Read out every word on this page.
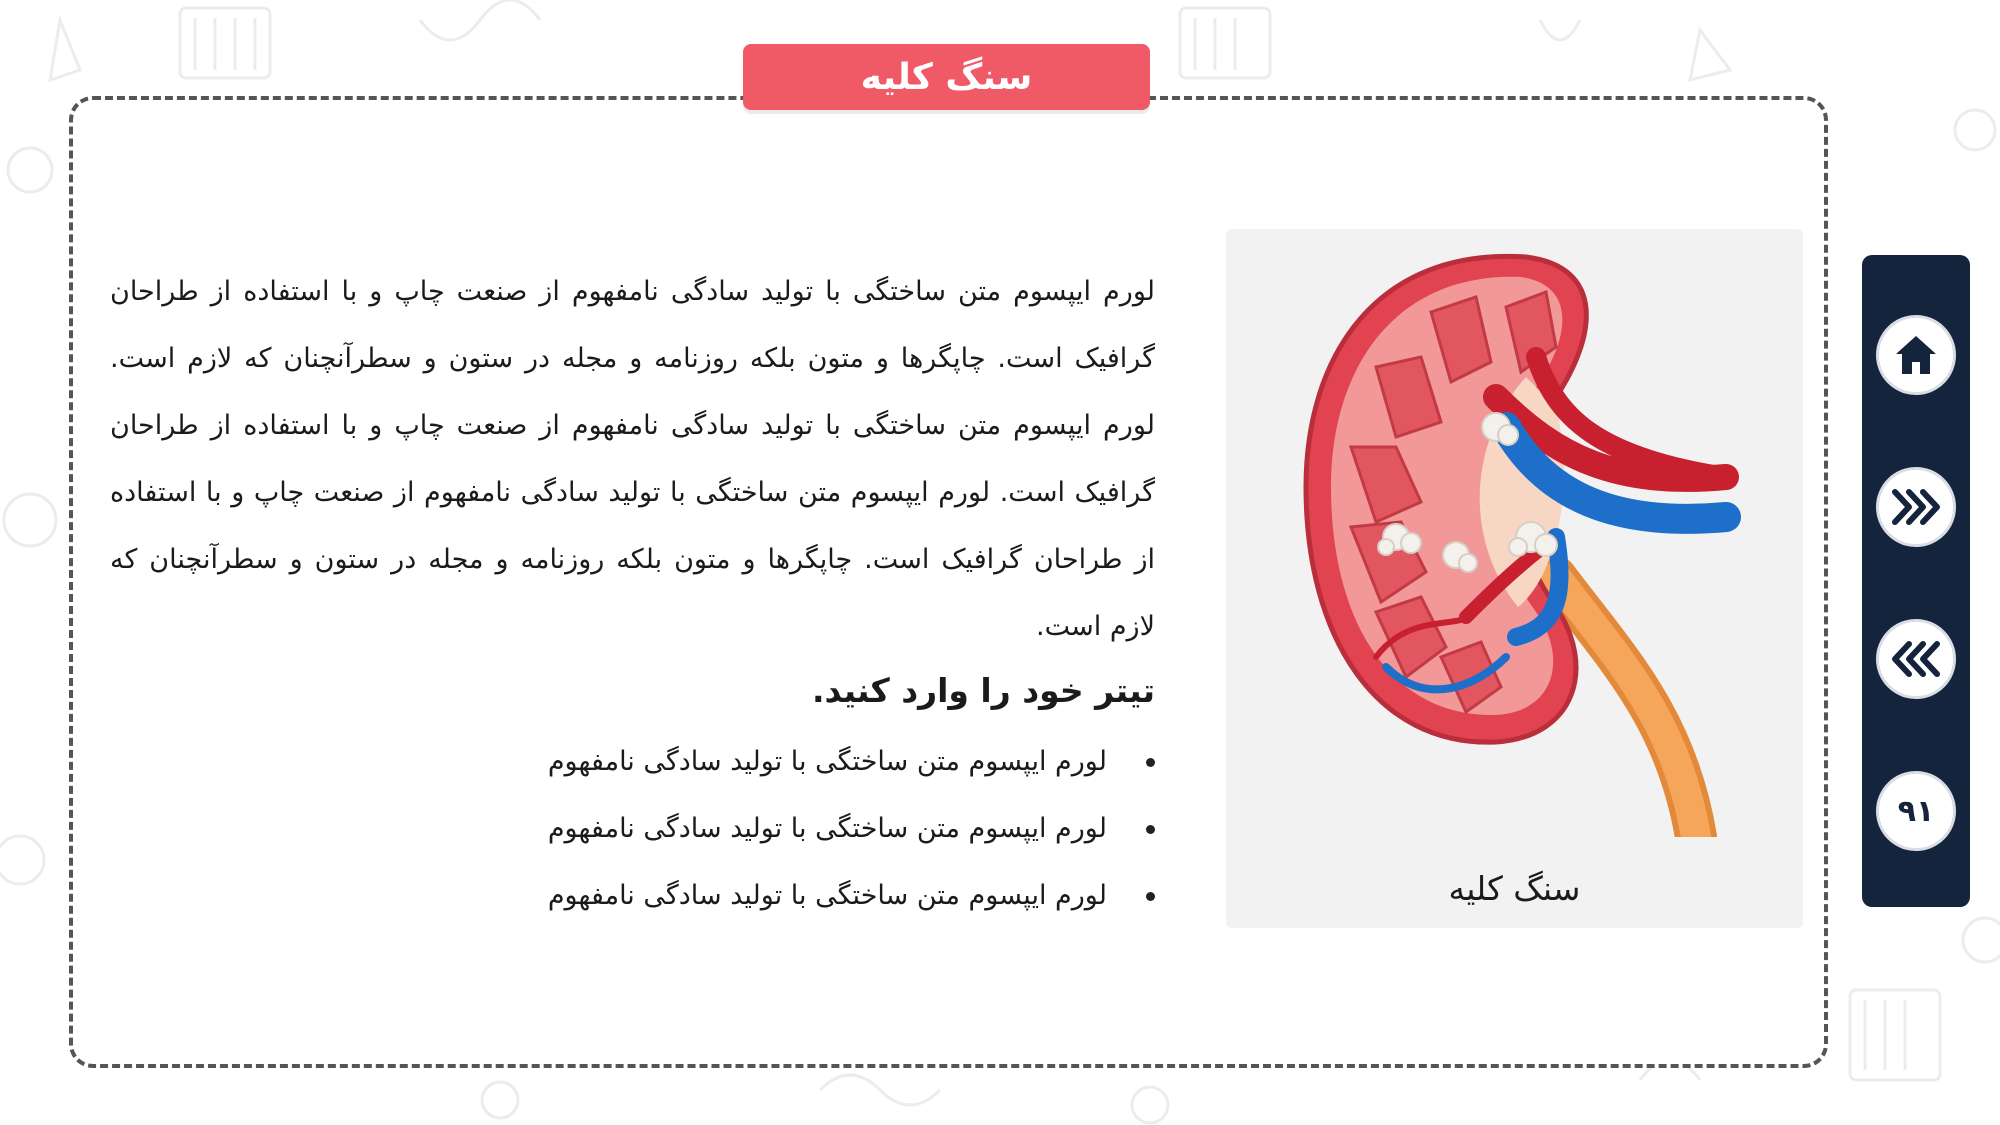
سنگ کلیه

لورم ایپسوم متن ساختگی با تولید سادگی نامفهوم از صنعت چاپ و با استفاده از طراحان گرافیک است. چاپگرها و متون بلکه روزنامه و مجله در ستون و سطرآنچنان که لازم است. لورم ایپسوم متن ساختگی با تولید سادگی نامفهوم از صنعت چاپ و با استفاده از طراحان گرافیک است. لورم ایپسوم متن ساختگی با تولید سادگی نامفهوم از صنعت چاپ و با استفاده از طراحان گرافیک است. چاپگرها و متون بلکه روزنامه و مجله در ستون و سطرآنچنان که لازم است.

تیتر خود را وارد کنید.
لورم ایپسوم متن ساختگی با تولید سادگی نامفهوم
لورم ایپسوم متن ساختگی با تولید سادگی نامفهوم
لورم ایپسوم متن ساختگی با تولید سادگی نامفهوم	سنگ کلیه
۹۱
